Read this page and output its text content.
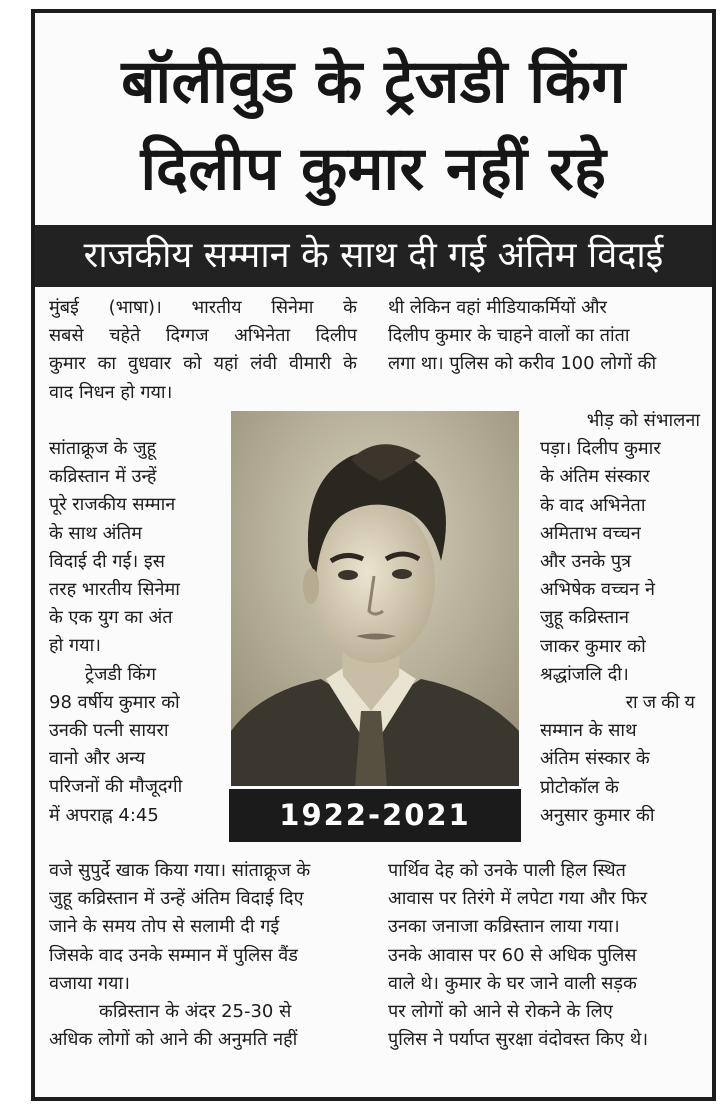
बॉलीवुड के ट्रेजडी किंग
दिलीप कुमार नहीं रहे
राजकीय सम्मान के साथ दी गई अंतिम विदाई

मुंबई (भाषा)। भारतीय सिनेमा के

सबसे चहेते दिग्गज अभिनेता दिलीप

कुमार का वुधवार को यहां लंवी वीमारी के

वाद निधन हो गया।

सांताक्रूज के जुहू

कव्रिस्तान में उन्हें

पूरे राजकीय सम्मान

के साथ अंतिम

विदाई दी गई। इस

तरह भारतीय सिनेमा

के एक युग का अंत

हो गया।

ट्रेजडी किंग

98 वर्षीय कुमार को

उनकी पत्नी सायरा

वानो और अन्य

परिजनों की मौजूदगी

में अपराह्न 4:45

वजे सुपुर्दे खाक किया गया। सांताक्रूज के

जुहू कव्रिस्तान में उन्हें अंतिम विदाई दिए

जाने के समय तोप से सलामी दी गई

जिसके वाद उनके सम्मान में पुलिस वैंड

वजाया गया।

कव्रिस्तान के अंदर 25-30 से

अधिक लोगों को आने की अनुमति नहीं

थी लेकिन वहां मीडियाकर्मियों और

दिलीप कुमार के चाहने वालों का तांता

लगा था। पुलिस को करीव 100 लोगों की

भीड़ को संभालना

पड़ा। दिलीप कुमार

के अंतिम संस्कार

के वाद अभिनेता

अमिताभ वच्चन

और उनके पुत्र

अभिषेक वच्चन ने

जुहू कव्रिस्तान

जाकर कुमार को

श्रद्धांजलि दी।

राजकीय

सम्मान के साथ

अंतिम संस्कार के

प्रोटोकॉल के

अनुसार कुमार की

पार्थिव देह को उनके पाली हिल स्थित

आवास पर तिरंगे में लपेटा गया और फिर

उनका जनाजा कव्रिस्तान लाया गया।

उनके आवास पर 60 से अधिक पुलिस

वाले थे। कुमार के घर जाने वाली सड़क

पर लोगों को आने से रोकने के लिए

पुलिस ने पर्याप्त सुरक्षा वंदोवस्त किए थे।

1922-2021
